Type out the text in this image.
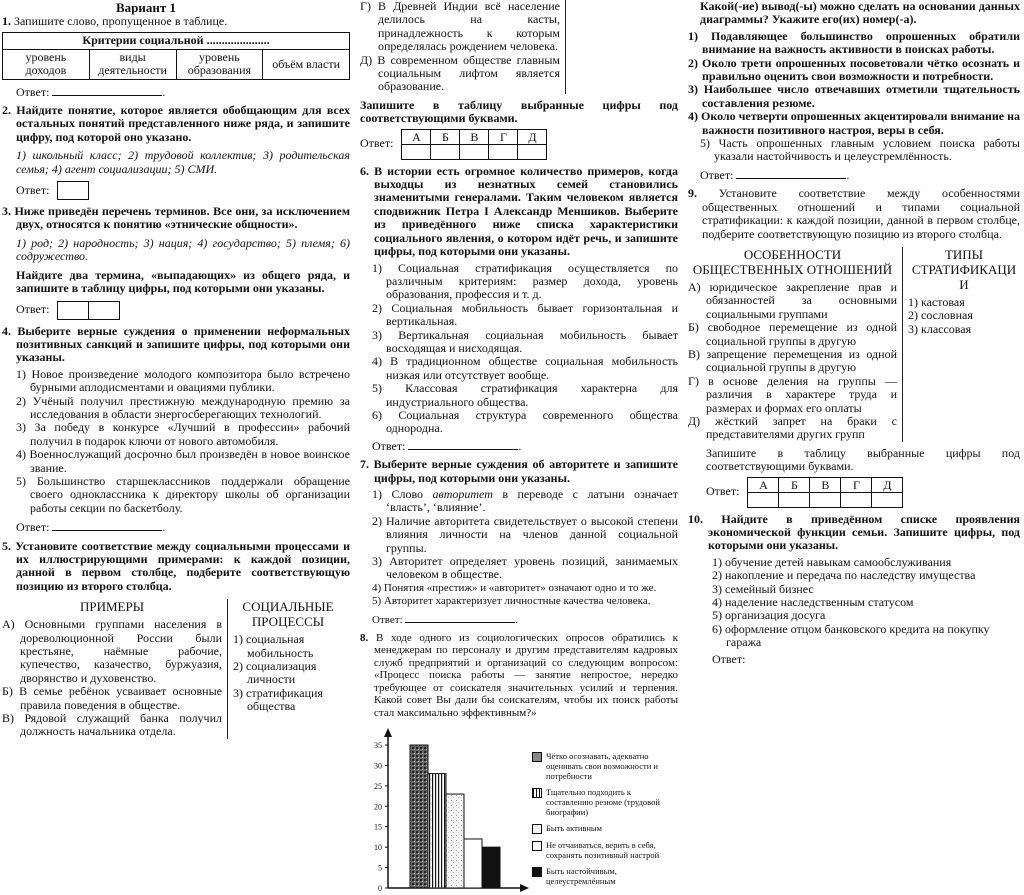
Вариант 1

1. Запишите слово, пропущенное в таблице.

Критерии социальной .....................
уровень доходов	виды деятельности	уровень образования	объём власти
Ответ:	.

2. Найдите понятие, которое является обобщающим для всех остальных понятий представленного ниже ряда, и запишите цифру, под которой оно указано.

1) школьный класс; 2) трудовой коллектив; 3) родительская семья; 4) агент социализации; 5) СМИ.

Ответ:

3. Ниже приведён перечень терминов. Все они, за исключением двух, относятся к понятию «этнические общности».

1) род; 2) народность; 3) нация; 4) государство; 5) племя; 6) содружество.

Найдите два термина, «выпадающих» из общего ряда, и запишите в таблицу цифры, под которыми они указаны.

Ответ:

4. Выберите верные суждения о применении неформальных позитивных санкций и запишите цифры, под которыми они указаны.

1) Новое произведение молодого композитора было встречено бурными аплодисментами и овациями публики.

2) Учёный получил престижную международную премию за исследования в области энергосберегающих технологий.

3) За победу в конкурсе «Лучший в профессии» рабочий получил в подарок ключи от нового автомобиля.

4) Военнослужащий досрочно был произведён в новое воинское звание.

5) Большинство старшеклассников поддержали обращение своего одноклассника к директору школы об организации работы секции по баскетболу.

Ответ:	.

5. Установите соответствие между социальными процессами и их иллюстрирующими примерами: к каждой позиции, данной в первом столбце, подберите соответствующую позицию из второго столбца.

ПРИМЕРЫ

А) Основными группами населения в дореволюционной России были крестьяне, наёмные рабочие, купечество, казачество, буржуазия, дворянство и духовенство.

Б) В семье ребёнок усваивает основные правила поведения в обществе.

В) Рядовой служащий банка получил должность начальника отдела.

СОЦИАЛЬНЫЕ ПРОЦЕССЫ

1) социальная мобильность

2) социализация личности

3) стратификация общества

Г) В Древней Индии всё население делилось на касты, принадлежность к которым определялась рождением человека.

Д) В современном обществе главным социальным лифтом является образование.

Запишите в таблицу выбранные цифры под соответствующими буквами.

Ответ: А	Б	В	Г	Д

6. В истории есть огромное количество примеров, когда выходцы из незнатных семей становились знаменитыми генералами. Таким человеком является сподвижник Петра I Александр Меншиков. Выберите из приведённого ниже списка характеристики социального явления, о котором идёт речь, и запишите цифры, под которыми они указаны.

1) Социальная стратификация осуществляется по различным критериям: размер дохода, уровень образования, профессия и т. д.

2) Социальная мобильность бывает горизонтальная и вертикальная.

3) Вертикальная социальная мобильность бывает восходящая и нисходящая.

4) В традиционном обществе социальная мобильность низкая или отсутствует вообще.

5) Классовая стратификация характерна для индустриального общества.

6) Социальная структура современного общества однородна.

Ответ:	.

7. Выберите верные суждения об авторитете и запишите цифры, под которыми они указаны.

1) Слово авторитет в переводе с латыни означает ‘власть’, ‘влияние’.

2) Наличие авторитета свидетельствует о высокой степени влияния личности на членов данной социальной группы.

3) Авторитет определяет уровень позиций, занимаемых человеком в обществе.

4) Понятия «престиж» и «авторитет» означают одно и то же.

5) Авторитет характеризует личностные качества человека.

Ответ:	.

8. В ходе одного из социологических опросов обратились к менеджерам по персоналу и другим представителям кадровых служб предприятий и организаций со следующим вопросом: «Процесс поиска работы — занятие непростое, нередко требующее от соискателя значительных усилий и терпения. Какой совет Вы дали бы соискателям, чтобы их поиск работы стал максимально эффективным?»

0
5
10
15
20
25
30
35
Чётко осознавать, адекватно оценивать свои возможности и потребности
Тщательно подходить к составлению резюме (трудовой биографии)
Быть активным
Не отчаиваться, верить в себя, сохранять позитивный настрой
Быть настойчивым, целеустремлённым

Какой(-ие) вывод(-ы) можно сделать на основании данных диаграммы? Укажите его(их) номер(-а).

1) Подавляющее большинство опрошенных обратили внимание на важность активности в поисках работы.

2) Около трети опрошенных посоветовали чётко осознать и правильно оценить свои возможности и потребности.

3) Наибольшее число отвечавших отметили тщательность составления резюме.

4) Около четверти опрошенных акцентировали внимание на важности позитивного настроя, веры в себя.

5) Часть опрошенных главным условием поиска работы указали настойчивость и целеустремлённость.

Ответ:	.

9. Установите соответствие между особенностями общественных отношений и типами социальной стратификации: к каждой позиции, данной в первом столбце, подберите соответствующую позицию из второго столбца.

ОСОБЕННОСТИ ОБЩЕСТВЕННЫХ ОТНОШЕНИЙ

А) юридическое закрепление прав и обязанностей за основными социальными группами

Б) свободное перемещение из одной социальной группы в другую

В) запрещение перемещения из одной социальной группы в другую

Г) в основе деления на группы — различия в характере труда и размерах и формах его оплаты

Д) жёсткий запрет на браки с представителями других групп

ТИПЫ СТРАТИФИКАЦИИ

1) кастовая

2) сословная

3) классовая

Запишите в таблицу выбранные цифры под соответствующими буквами.

Ответ: А	Б	В	Г	Д

10. Найдите в приведённом списке проявления экономической функции семьи. Запишите цифры, под которыми они указаны.

1) обучение детей навыкам самообслуживания

2) накопление и передача по наследству имущества

3) семейный бизнес

4) наделение наследственным статусом

5) организация досуга

6) оформление отцом банковского кредита на покупку гаража

Ответ:
